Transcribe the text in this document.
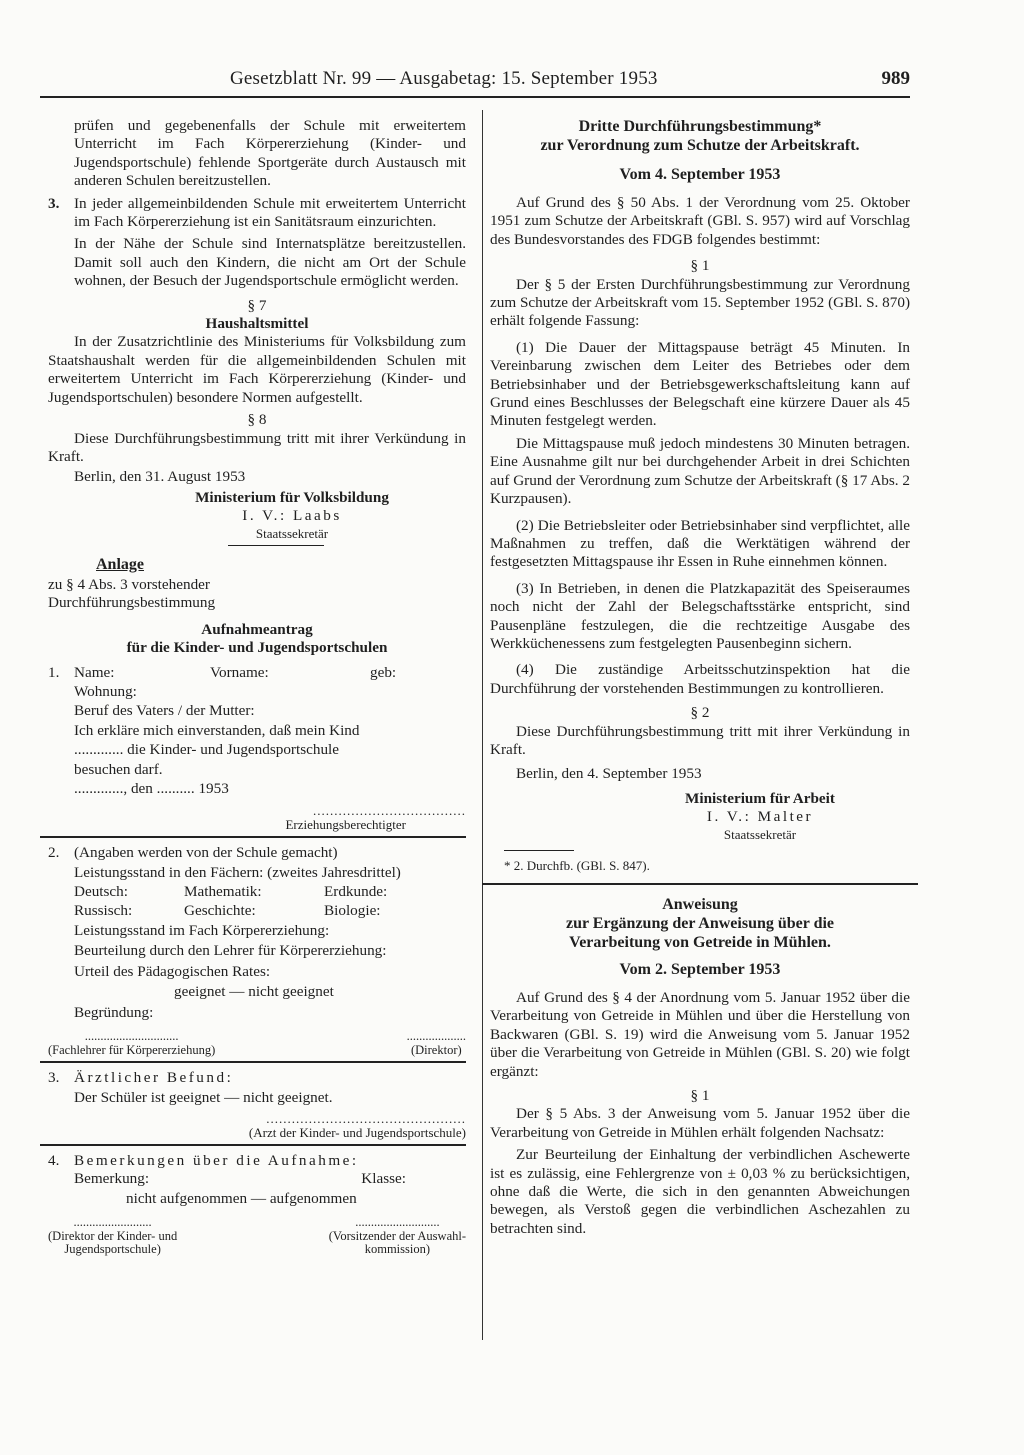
Gesetzblatt Nr. 99 — Ausgabetag: 15. September 1953	989

prüfen und gegebenenfalls der Schule mit erweitertem Unterricht im Fach Körpererziehung (Kinder- und Jugendsportschule) fehlende Sportgeräte durch Austausch mit anderen Schulen bereitzustellen.

3. In jeder allgemeinbildenden Schule mit erweitertem Unterricht im Fach Körpererziehung ist ein Sanitätsraum einzurichten.

In der Nähe der Schule sind Internatsplätze bereitzustellen. Damit soll auch den Kindern, die nicht am Ort der Schule wohnen, der Besuch der Jugendsportschule ermöglicht werden.

§ 7

Haushaltsmittel

In der Zusatzrichtlinie des Ministeriums für Volksbildung zum Staatshaushalt werden für die allgemeinbildenden Schulen mit erweitertem Unterricht im Fach Körpererziehung (Kinder- und Jugendsportschulen) besondere Normen aufgestellt.

§ 8

Diese Durchführungsbestimmung tritt mit ihrer Verkündung in Kraft.

Berlin, den 31. August 1953

Ministerium für Volksbildung

I. V.: Laabs

Staatssekretär

Anlage

zu § 4 Abs. 3 vorstehender

Durchführungsbestimmung

Aufnahmeantrag

für die Kinder- und Jugendsportschulen

1. Name:	Vorname:	geb:

Wohnung:

Beruf des Vaters / der Mutter:

Ich erkläre mich einverstanden, daß mein Kind

............. die Kinder- und Jugendsportschule

besuchen darf.

............., den .......... 1953

....................................
Erziehungsberechtigter
2. (Angaben werden von der Schule gemacht)

Leistungsstand in den Fächern: (zweites Jahresdrittel)

Deutsch:	Mathematik:	Erdkunde:
Russisch:	Geschichte:	Biologie:

Leistungsstand im Fach Körpererziehung:

Beurteilung durch den Lehrer für Körpererziehung:

Urteil des Pädagogischen Rates:

geeignet — nicht geeignet

Begründung:

..............................
(Fachlehrer für Körpererziehung)
...................
(Direktor)
3. Ärztlicher Befund:

Der Schüler ist geeignet — nicht geeignet.

...............................................
(Arzt der Kinder- und Jugendsportschule)
4. Bemerkungen über die Aufnahme:
Bemerkung:	Klasse:

nicht aufgenommen — aufgenommen

.........................
(Direktor der Kinder- und
Jugendsportschule)
...........................
(Vorsitzender der Auswahl-
kommission)

Dritte Durchführungsbestimmung*

zur Verordnung zum Schutze der Arbeitskraft.

Vom 4. September 1953

Auf Grund des § 50 Abs. 1 der Verordnung vom 25. Oktober 1951 zum Schutze der Arbeitskraft (GBl. S. 957) wird auf Vorschlag des Bundesvorstandes des FDGB folgendes bestimmt:

§ 1

Der § 5 der Ersten Durchführungsbestimmung zur Verordnung zum Schutze der Arbeitskraft vom 15. September 1952 (GBl. S. 870) erhält folgende Fassung:

(1) Die Dauer der Mittagspause beträgt 45 Minuten. In Vereinbarung zwischen dem Leiter des Betriebes oder dem Betriebsinhaber und der Betriebsgewerkschaftsleitung kann auf Grund eines Beschlusses der Belegschaft eine kürzere Dauer als 45 Minuten festgelegt werden.

Die Mittagspause muß jedoch mindestens 30 Minuten betragen. Eine Ausnahme gilt nur bei durchgehender Arbeit in drei Schichten auf Grund der Verordnung zum Schutze der Arbeitskraft (§ 17 Abs. 2 Kurzpausen).

(2) Die Betriebsleiter oder Betriebsinhaber sind verpflichtet, alle Maßnahmen zu treffen, daß die Werktätigen während der festgesetzten Mittagspause ihr Essen in Ruhe einnehmen können.

(3) In Betrieben, in denen die Platzkapazität des Speiseraumes noch nicht der Zahl der Belegschaftsstärke entspricht, sind Pausenpläne festzulegen, die die rechtzeitige Ausgabe des Werkküchenessens zum festgelegten Pausenbeginn sichern.

(4) Die zuständige Arbeitsschutzinspektion hat die Durchführung der vorstehenden Bestimmungen zu kontrollieren.

§ 2

Diese Durchführungsbestimmung tritt mit ihrer Verkündung in Kraft.

Berlin, den 4. September 1953

Ministerium für Arbeit

I. V.: Malter

Staatssekretär

* 2. Durchfb. (GBl. S. 847).

Anweisung

zur Ergänzung der Anweisung über die

Verarbeitung von Getreide in Mühlen.

Vom 2. September 1953

Auf Grund des § 4 der Anordnung vom 5. Januar 1952 über die Verarbeitung von Getreide in Mühlen und über die Herstellung von Backwaren (GBl. S. 19) wird die Anweisung vom 5. Januar 1952 über die Verarbeitung von Getreide in Mühlen (GBl. S. 20) wie folgt ergänzt:

§ 1

Der § 5 Abs. 3 der Anweisung vom 5. Januar 1952 über die Verarbeitung von Getreide in Mühlen erhält folgenden Nachsatz:

Zur Beurteilung der Einhaltung der verbindlichen Aschewerte ist es zulässig, eine Fehlergrenze von ± 0,03 % zu berücksichtigen, ohne daß die Werte, die sich in den genannten Abweichungen bewegen, als Verstoß gegen die verbindlichen Aschezahlen zu betrachten sind.
